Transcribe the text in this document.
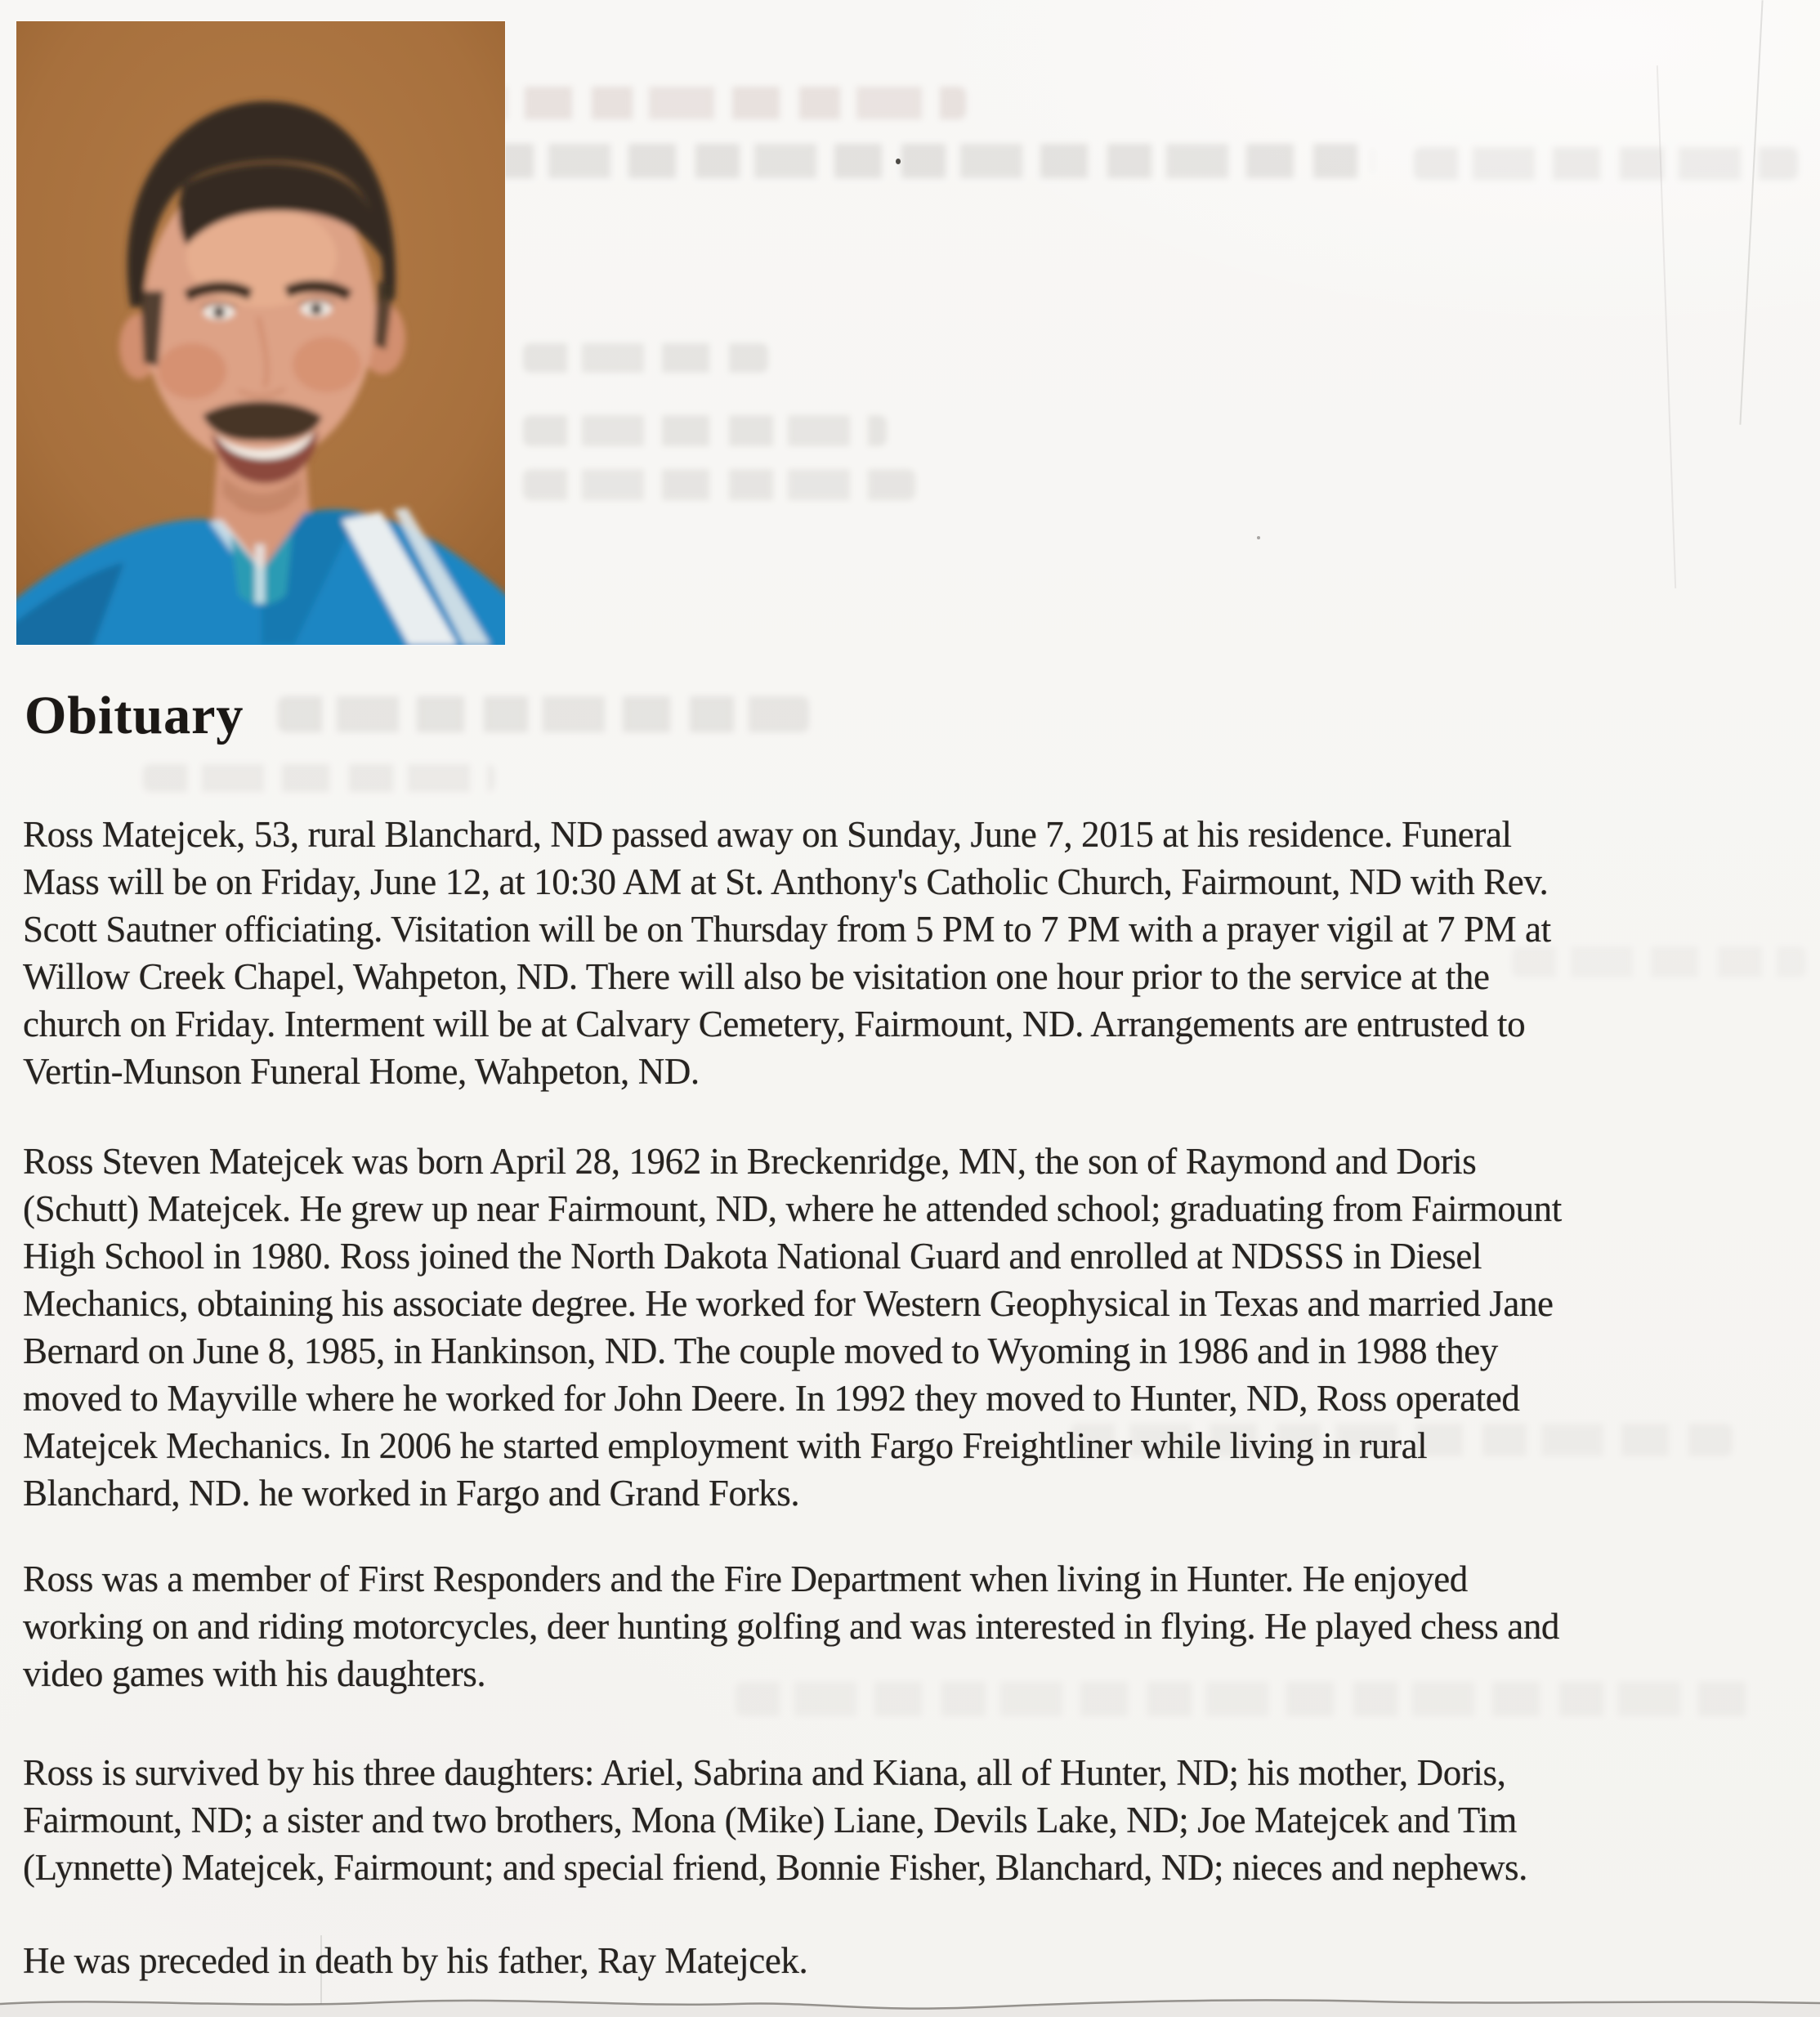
Obituary

Ross Matejcek, 53, rural Blanchard, ND passed away on Sunday, June 7, 2015 at his residence. Funeral
Mass will be on Friday, June 12, at 10:30 AM at St. Anthony's Catholic Church, Fairmount, ND with Rev.
Scott Sautner officiating. Visitation will be on Thursday from 5 PM to 7 PM with a prayer vigil at 7 PM at
Willow Creek Chapel, Wahpeton, ND. There will also be visitation one hour prior to the service at the
church on Friday. Interment will be at Calvary Cemetery, Fairmount, ND. Arrangements are entrusted to
Vertin-Munson Funeral Home, Wahpeton, ND.

Ross Steven Matejcek was born April 28, 1962 in Breckenridge, MN, the son of Raymond and Doris
(Schutt) Matejcek. He grew up near Fairmount, ND, where he attended school; graduating from Fairmount
High School in 1980. Ross joined the North Dakota National Guard and enrolled at NDSSS in Diesel
Mechanics, obtaining his associate degree. He worked for Western Geophysical in Texas and married Jane
Bernard on June 8, 1985, in Hankinson, ND. The couple moved to Wyoming in 1986 and in 1988 they
moved to Mayville where he worked for John Deere. In 1992 they moved to Hunter, ND, Ross operated
Matejcek Mechanics. In 2006 he started employment with Fargo Freightliner while living in rural
Blanchard, ND. he worked in Fargo and Grand Forks.

Ross was a member of First Responders and the Fire Department when living in Hunter. He enjoyed
working on and riding motorcycles, deer hunting golfing and was interested in flying. He played chess and
video games with his daughters.

Ross is survived by his three daughters: Ariel, Sabrina and Kiana, all of Hunter, ND; his mother, Doris,
Fairmount, ND; a sister and two brothers, Mona (Mike) Liane, Devils Lake, ND; Joe Matejcek and Tim
(Lynnette) Matejcek, Fairmount; and special friend, Bonnie Fisher, Blanchard, ND; nieces and nephews.

He was preceded in death by his father, Ray Matejcek.
